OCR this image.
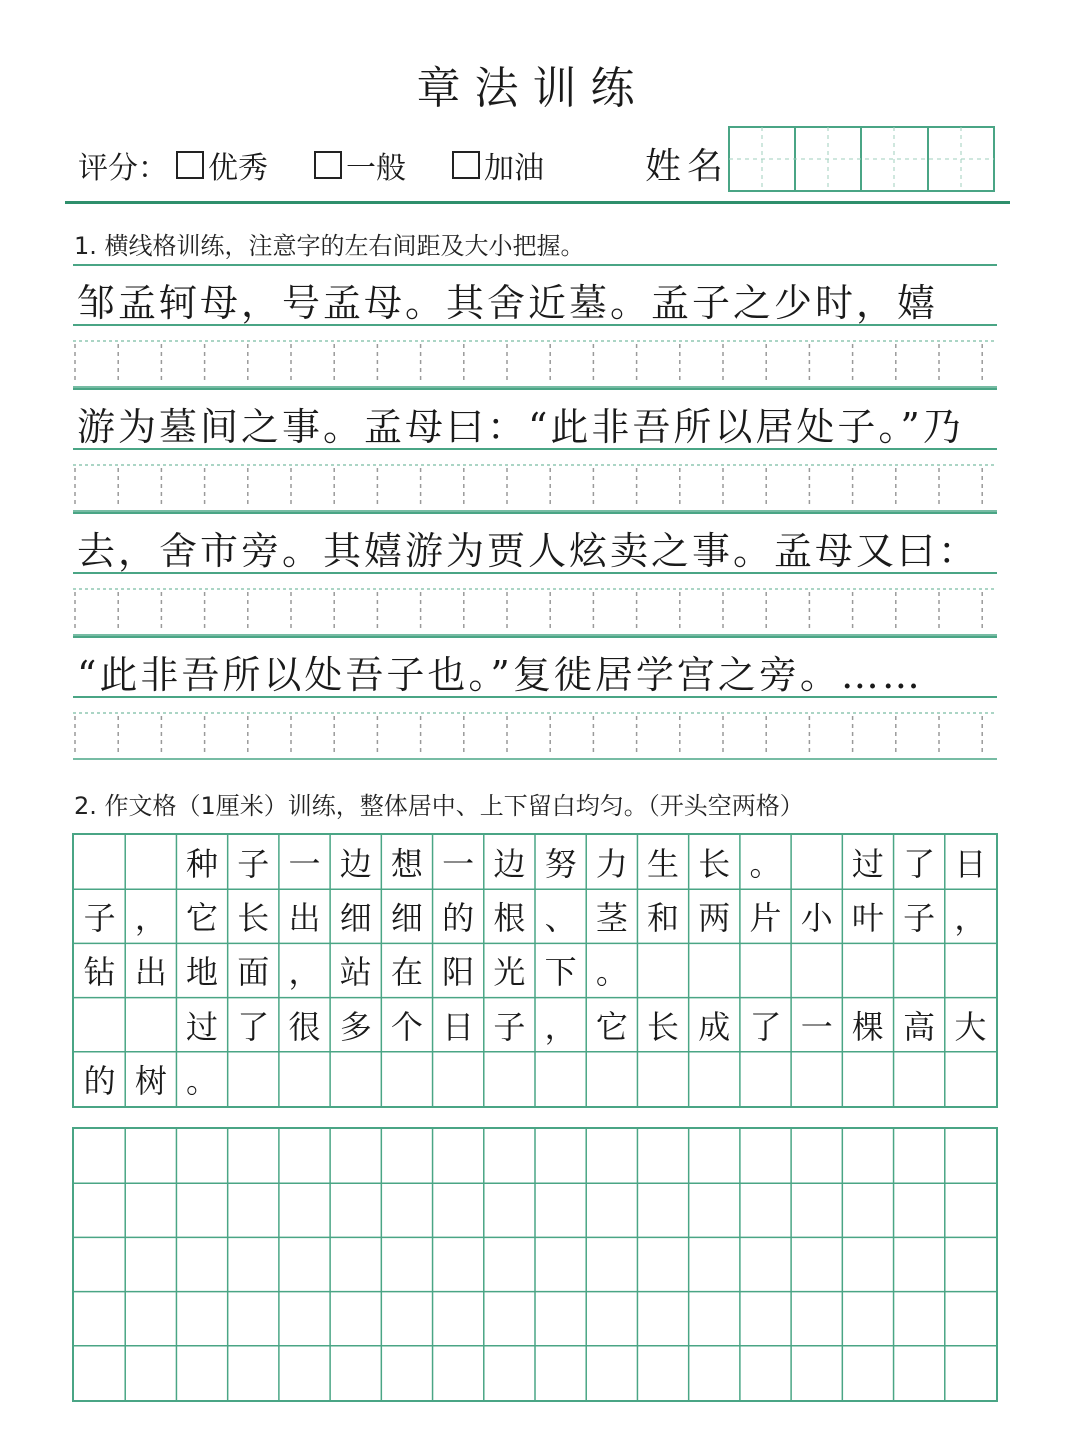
章法训练
评分： 优秀	一般	加油	姓名
1. 横线格训练，注意字的左右间距及大小把握。
邹孟轲母，号孟母。其舍近墓。孟子之少时，嬉
游为墓间之事。孟母曰：“此非吾所以居处子。”乃
去，舍市旁。其嬉游为贾人炫卖之事。孟母又曰：
“此非吾所以处吾子也。”复徙居学宫之旁。……
2. 作文格（1厘米）训练，整体居中、上下留白均匀。（开头空两格）
种 子 一 边 想 一 边 努 力 生 长 。	过 了 日
子 ， 它 长 出 细 细 的 根 、 茎 和 两 片 小 叶 子 ，
钻 出 地 面 ， 站 在 阳 光 下 。
过 了 很 多 个 日 子 ， 它 长 成 了 一 棵 高 大
的 树 。
